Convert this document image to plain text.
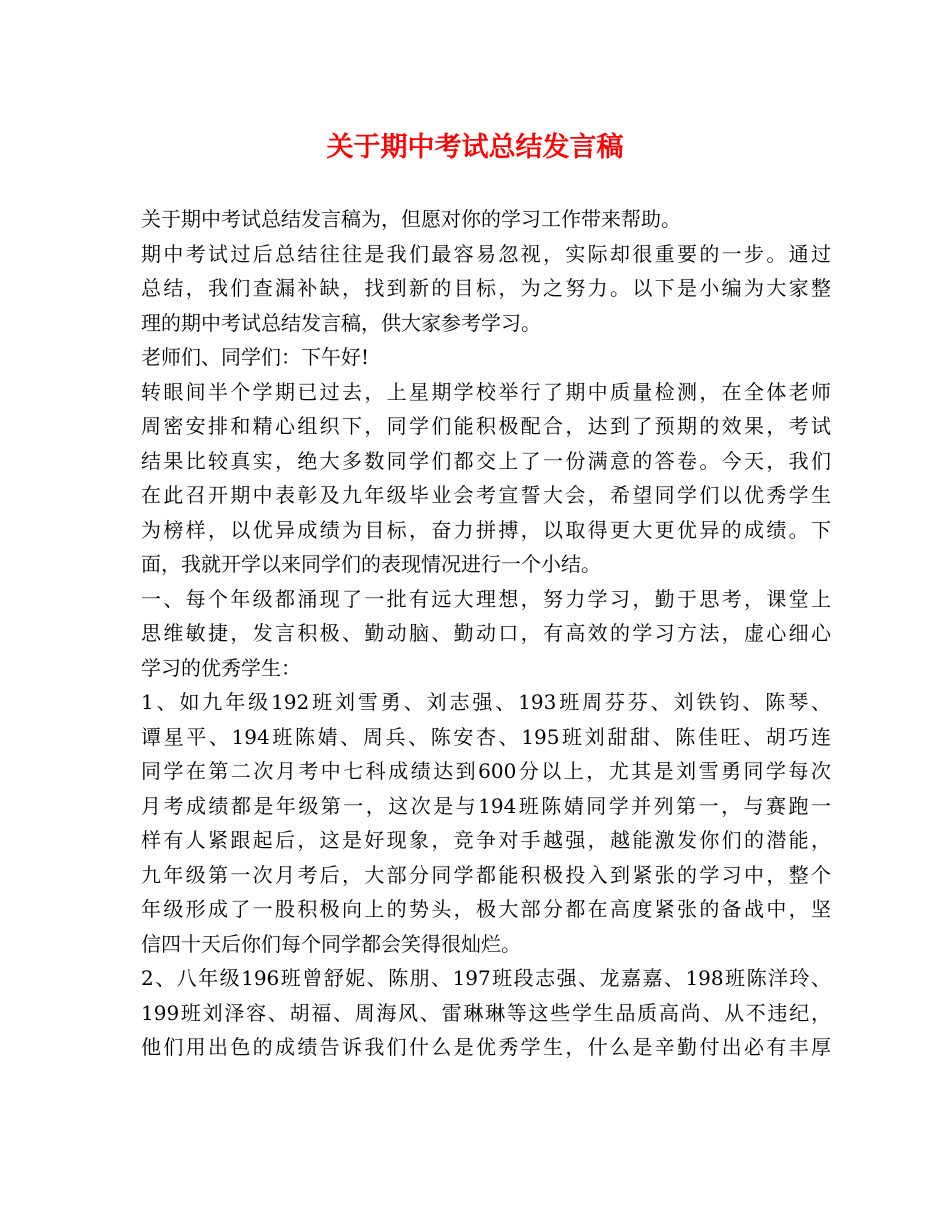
关于期中考试总结发言稿
关于期中考试总结发言稿为，但愿对你的学习工作带来帮助。
期中考试过后总结往往是我们最容易忽视，实际却很重要的一步。通过
总结，我们查漏补缺，找到新的目标，为之努力。以下是小编为大家整
理的期中考试总结发言稿，供大家参考学习。
老师们、同学们：下午好!
转眼间半个学期已过去，上星期学校举行了期中质量检测，在全体老师
周密安排和精心组织下，同学们能积极配合，达到了预期的效果，考试
结果比较真实，绝大多数同学们都交上了一份满意的答卷。今天，我们
在此召开期中表彰及九年级毕业会考宣誓大会，希望同学们以优秀学生
为榜样，以优异成绩为目标，奋力拼搏，以取得更大更优异的成绩。下
面，我就开学以来同学们的表现情况进行一个小结。
一、每个年级都涌现了一批有远大理想，努力学习，勤于思考，课堂上
思维敏捷，发言积极、勤动脑、勤动口，有高效的学习方法，虚心细心
学习的优秀学生：
1、如九年级192班刘雪勇、刘志强、193班周芬芬、刘铁钧、陈琴、
谭星平、194班陈婧、周兵、陈安杏、195班刘甜甜、陈佳旺、胡巧连
同学在第二次月考中七科成绩达到600分以上，尤其是刘雪勇同学每次
月考成绩都是年级第一，这次是与194班陈婧同学并列第一，与赛跑一
样有人紧跟起后，这是好现象，竞争对手越强，越能激发你们的潜能，
九年级第一次月考后，大部分同学都能积极投入到紧张的学习中，整个
年级形成了一股积极向上的势头，极大部分都在高度紧张的备战中，坚
信四十天后你们每个同学都会笑得很灿烂。
2、八年级196班曾舒妮、陈朋、197班段志强、龙嘉嘉、198班陈洋玲、
199班刘泽容、胡福、周海风、雷琳琳等这些学生品质高尚、从不违纪，
他们用出色的成绩告诉我们什么是优秀学生，什么是辛勤付出必有丰厚
